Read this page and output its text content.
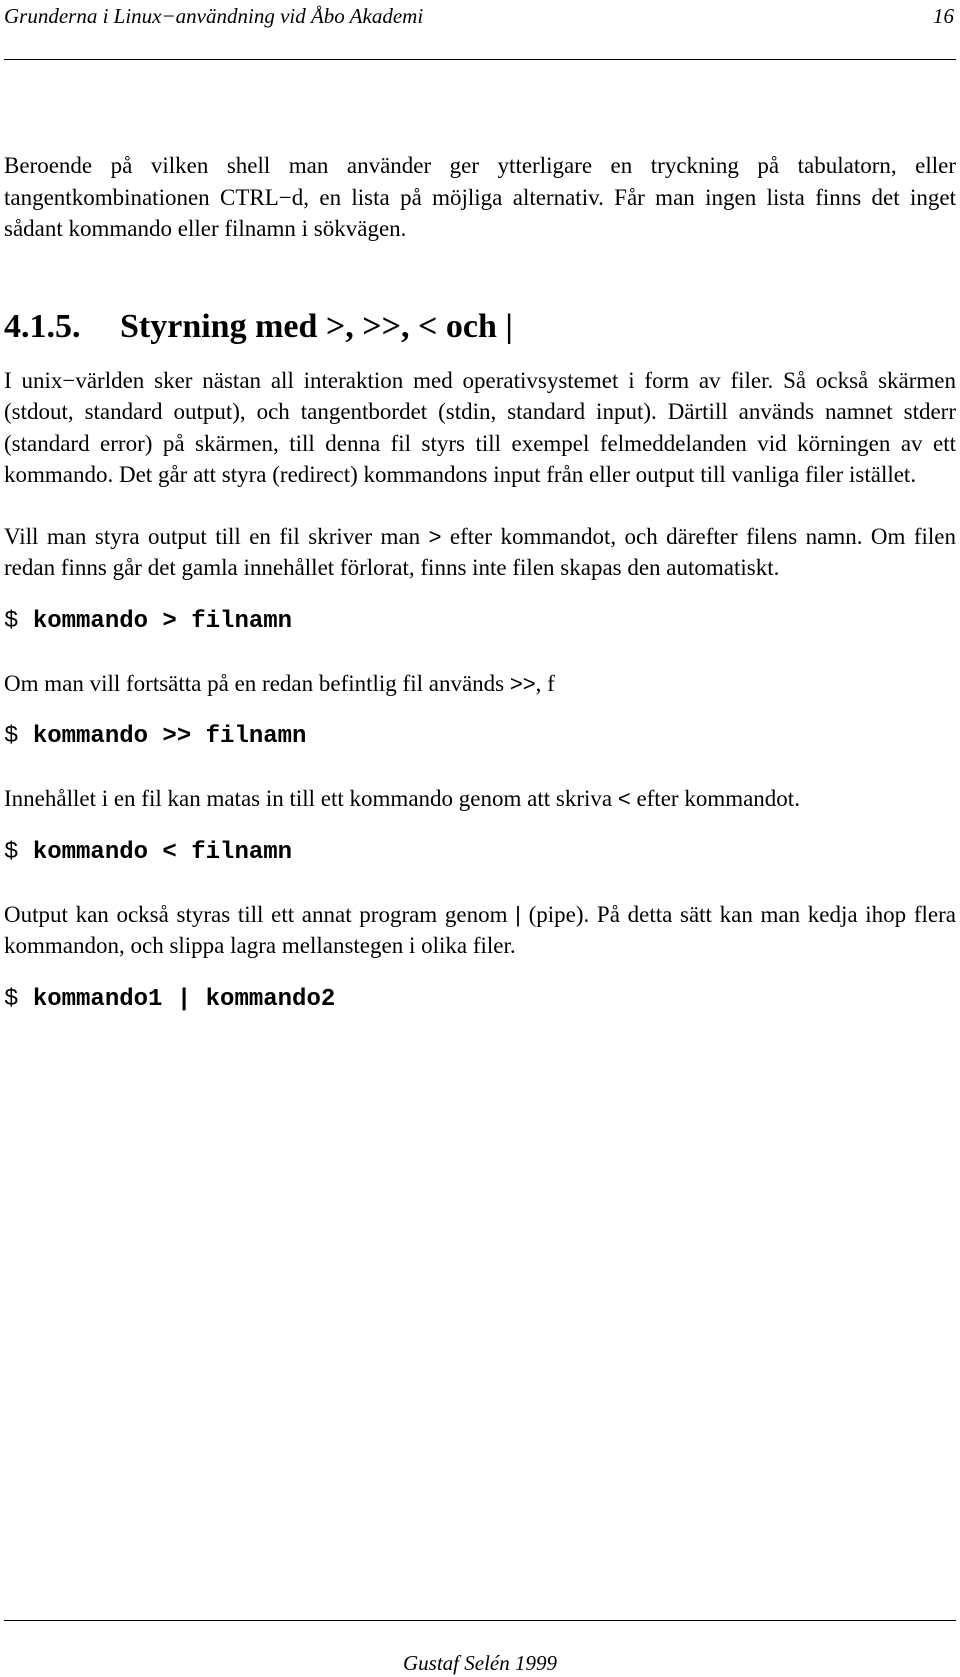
Grunderna i Linux−användning vid Åbo Akademi	16

Beroende på vilken shell man använder ger ytterligare en tryckning på tabulatorn, eller tangentkombinationen CTRL−d, en lista på möjliga alternativ. Får man ingen lista finns det inget sådant kommando eller filnamn i sökvägen.

4.1.5. Styrning med >, >>, < och |

I unix−världen sker nästan all interaktion med operativsystemet i form av filer. Så också skärmen (stdout, standard output), och tangentbordet (stdin, standard input). Därtill används namnet stderr (standard error) på skärmen, till denna fil styrs till exempel felmeddelanden vid körningen av ett kommando. Det går att styra (redirect) kommandons input från eller output till vanliga filer istället.

Vill man styra output till en fil skriver man > efter kommandot, och därefter filens namn. Om filen redan finns går det gamla innehållet förlorat, finns inte filen skapas den automatiskt.

$ kommando > filnamn

Om man vill fortsätta på en redan befintlig fil används >>, f

$ kommando >> filnamn

Innehållet i en fil kan matas in till ett kommando genom att skriva < efter kommandot.

$ kommando < filnamn

Output kan också styras till ett annat program genom | (pipe). På detta sätt kan man kedja ihop flera kommandon, och slippa lagra mellanstegen i olika filer.

$ kommando1 | kommando2

Gustaf Selén 1999
